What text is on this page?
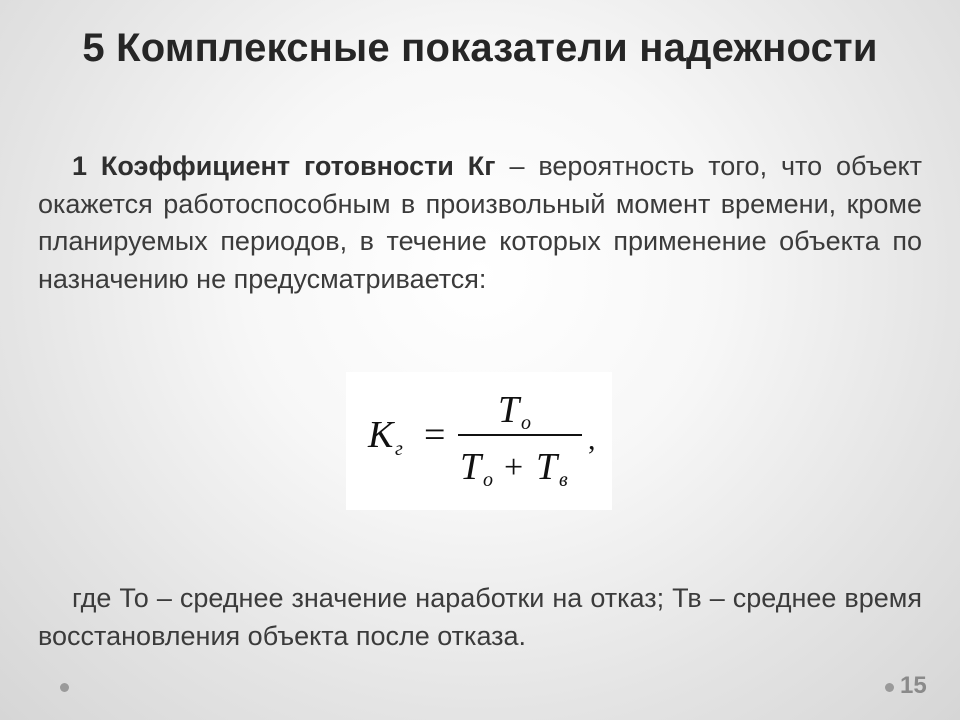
5 Комплексные показатели надежности

1 Коэффициент готовности Кг – вероятность того, что объект окажется работоспособным в произвольный момент времени, кроме планируемых периодов, в течение которых применение объекта по назначению не предусматривается:

K г =
T o
T o + T в
,

где То – среднее значение наработки на отказ; Тв – среднее время восстановления объекта после отказа.

15
